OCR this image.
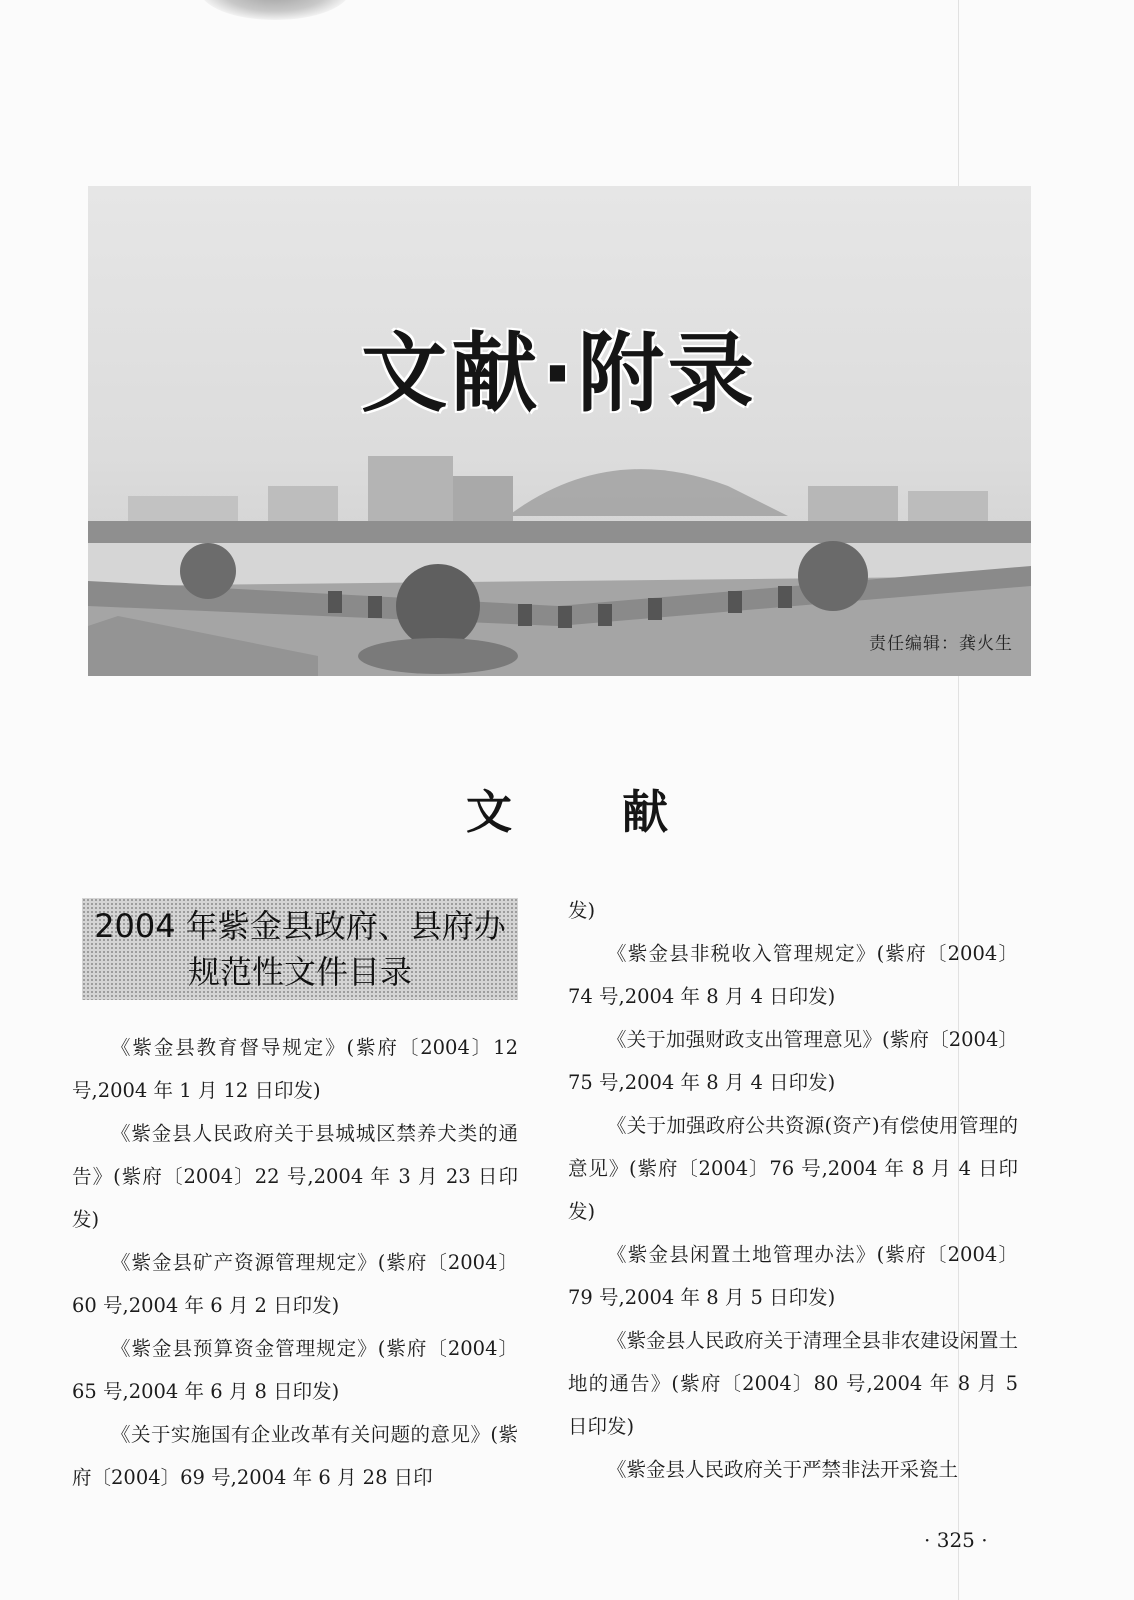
文献·附录
责任编辑：龚火生
文献
2004 年紫金县政府、县府办
规范性文件目录

《紫金县教育督导规定》(紫府〔2004〕12号,2004 年 1 月 12 日印发)

《紫金县人民政府关于县城城区禁养犬类的通告》(紫府〔2004〕22 号,2004 年 3 月 23 日印发)

《紫金县矿产资源管理规定》(紫府〔2004〕60 号,2004 年 6 月 2 日印发)

《紫金县预算资金管理规定》(紫府〔2004〕65 号,2004 年 6 月 8 日印发)

《关于实施国有企业改革有关问题的意见》(紫府〔2004〕69 号,2004 年 6 月 28 日印

发)

《紫金县非税收入管理规定》(紫府〔2004〕74 号,2004 年 8 月 4 日印发)

《关于加强财政支出管理意见》(紫府〔2004〕75 号,2004 年 8 月 4 日印发)

《关于加强政府公共资源(资产)有偿使用管理的意见》(紫府〔2004〕76 号,2004 年 8 月 4 日印发)

《紫金县闲置土地管理办法》(紫府〔2004〕79 号,2004 年 8 月 5 日印发)

《紫金县人民政府关于清理全县非农建设闲置土地的通告》(紫府〔2004〕80 号,2004 年 8 月 5 日印发)

《紫金县人民政府关于严禁非法开采瓷土

· 325 ·
